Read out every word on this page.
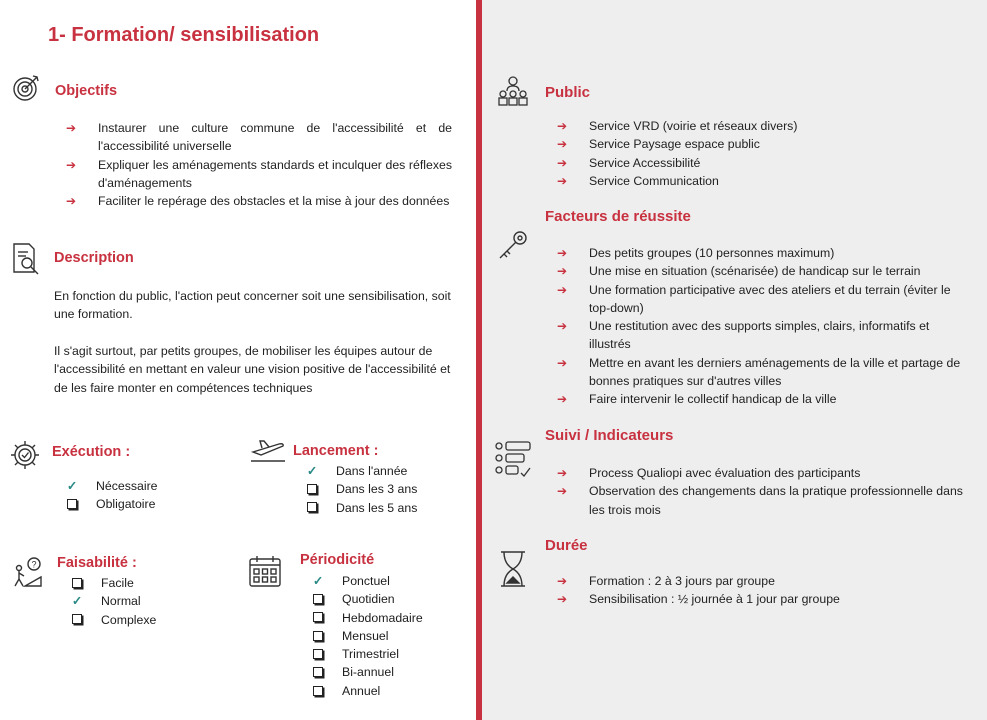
1- Formation/ sensibilisation
Objectifs
➔ Instaurer une culture commune de l'accessibilité et de l'accessibilité universelle
➔ Expliquer les aménagements standards et inculquer des réflexes d'aménagements
➔ Faciliter le repérage des obstacles et la mise à jour des données
Description
En fonction du public, l'action peut concerner soit une sensibilisation, soit une formation.
Il s'agit surtout, par petits groupes, de mobiliser les équipes autour de l'accessibilité en mettant en valeur une vision positive de l'accessibilité et de les faire monter en compétences techniques
Exécution :
✓ Nécessaire
Obligatoire
Lancement :
✓ Dans l'année
Dans les 3 ans
Dans les 5 ans
? Faisabilité :
Facile
✓ Normal
Complexe
Périodicité
✓ Ponctuel
Quotidien
Hebdomadaire
Mensuel
Trimestriel
Bi-annuel
Annuel
Public
➔ Service VRD (voirie et réseaux divers)
➔ Service Paysage espace public
➔ Service Accessibilité
➔ Service Communication
Facteurs de réussite
➔ Des petits groupes (10 personnes maximum)
➔ Une mise en situation (scénarisée) de handicap sur le terrain
➔ Une formation participative avec des ateliers et du terrain (éviter le top-down)
➔ Une restitution avec des supports simples, clairs, informatifs et illustrés
➔ Mettre en avant les derniers aménagements de la ville et partage de bonnes pratiques sur d'autres villes
➔ Faire intervenir le collectif handicap de la ville
Suivi / Indicateurs
➔ Process Qualiopi avec évaluation des participants
➔ Observation des changements dans la pratique professionnelle dans les trois mois
Durée
➔ Formation : 2 à 3 jours par groupe
➔ Sensibilisation : ½ journée à 1 jour par groupe
